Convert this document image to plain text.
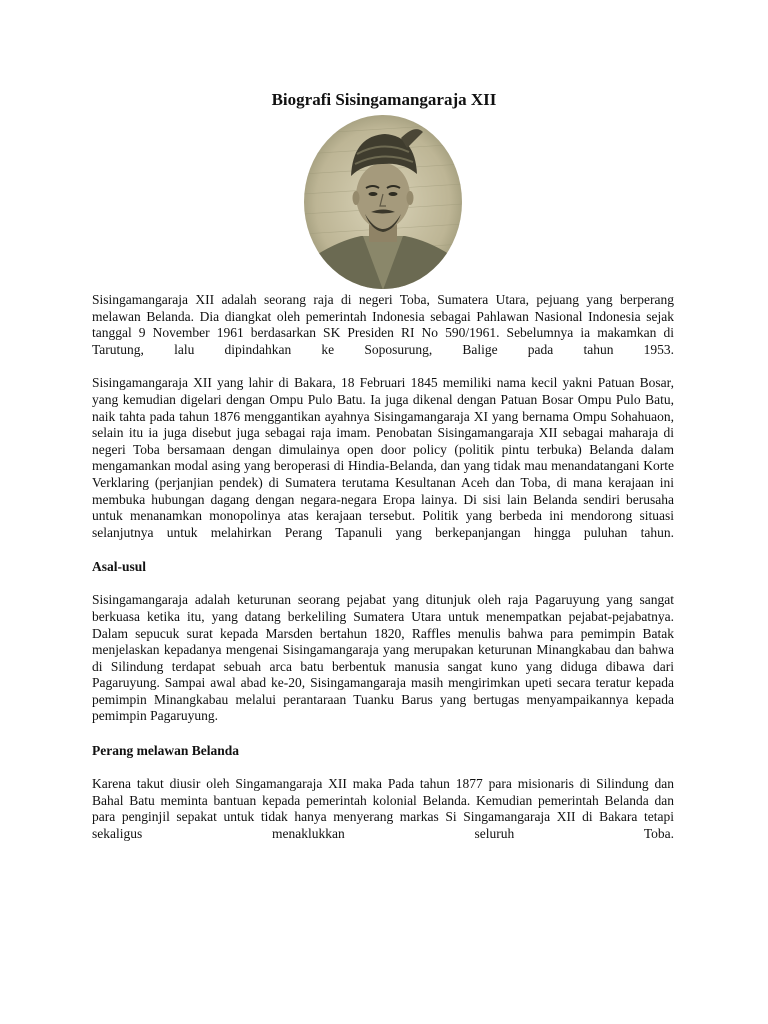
Biografi Sisingamangaraja XII

Sisingamangaraja XII adalah seorang raja di negeri Toba, Sumatera Utara, pejuang yang berperang melawan Belanda. Dia diangkat oleh pemerintah Indonesia sebagai Pahlawan Nasional Indonesia sejak tanggal 9 November 1961 berdasarkan SK Presiden RI No 590/1961. Sebelumnya ia makamkan di Tarutung, lalu dipindahkan ke Soposurung, Balige pada tahun 1953.

Sisingamangaraja XII yang lahir di Bakara, 18 Februari 1845 memiliki nama kecil yakni Patuan Bosar, yang kemudian digelari dengan Ompu Pulo Batu. Ia juga dikenal dengan Patuan Bosar Ompu Pulo Batu, naik tahta pada tahun 1876 menggantikan ayahnya Sisingamangaraja XI yang bernama Ompu Sohahuaon, selain itu ia juga disebut juga sebagai raja imam. Penobatan Sisingamangaraja XII sebagai maharaja di negeri Toba bersamaan dengan dimulainya open door policy (politik pintu terbuka) Belanda dalam mengamankan modal asing yang beroperasi di Hindia-Belanda, dan yang tidak mau menandatangani Korte Verklaring (perjanjian pendek) di Sumatera terutama Kesultanan Aceh dan Toba, di mana kerajaan ini membuka hubungan dagang dengan negara-negara Eropa lainya. Di sisi lain Belanda sendiri berusaha untuk menanamkan monopolinya atas kerajaan tersebut. Politik yang berbeda ini mendorong situasi selanjutnya untuk melahirkan Perang Tapanuli yang berkepanjangan hingga puluhan tahun.

Asal-usul

Sisingamangaraja adalah keturunan seorang pejabat yang ditunjuk oleh raja Pagaruyung yang sangat berkuasa ketika itu, yang datang berkeliling Sumatera Utara untuk menempatkan pejabat-pejabatnya. Dalam sepucuk surat kepada Marsden bertahun 1820, Raffles menulis bahwa para pemimpin Batak menjelaskan kepadanya mengenai Sisingamangaraja yang merupakan keturunan Minangkabau dan bahwa di Silindung terdapat sebuah arca batu berbentuk manusia sangat kuno yang diduga dibawa dari Pagaruyung. Sampai awal abad ke-20, Sisingamangaraja masih mengirimkan upeti secara teratur kepada pemimpin Minangkabau melalui perantaraan Tuanku Barus yang bertugas menyampaikannya kepada pemimpin Pagaruyung.

Perang melawan Belanda

Karena takut diusir oleh Singamangaraja XII maka Pada tahun 1877 para misionaris di Silindung dan Bahal Batu meminta bantuan kepada pemerintah kolonial Belanda. Kemudian pemerintah Belanda dan para penginjil sepakat untuk tidak hanya menyerang markas Si Singamangaraja XII di Bakara tetapi sekaligus menaklukkan seluruh Toba.
